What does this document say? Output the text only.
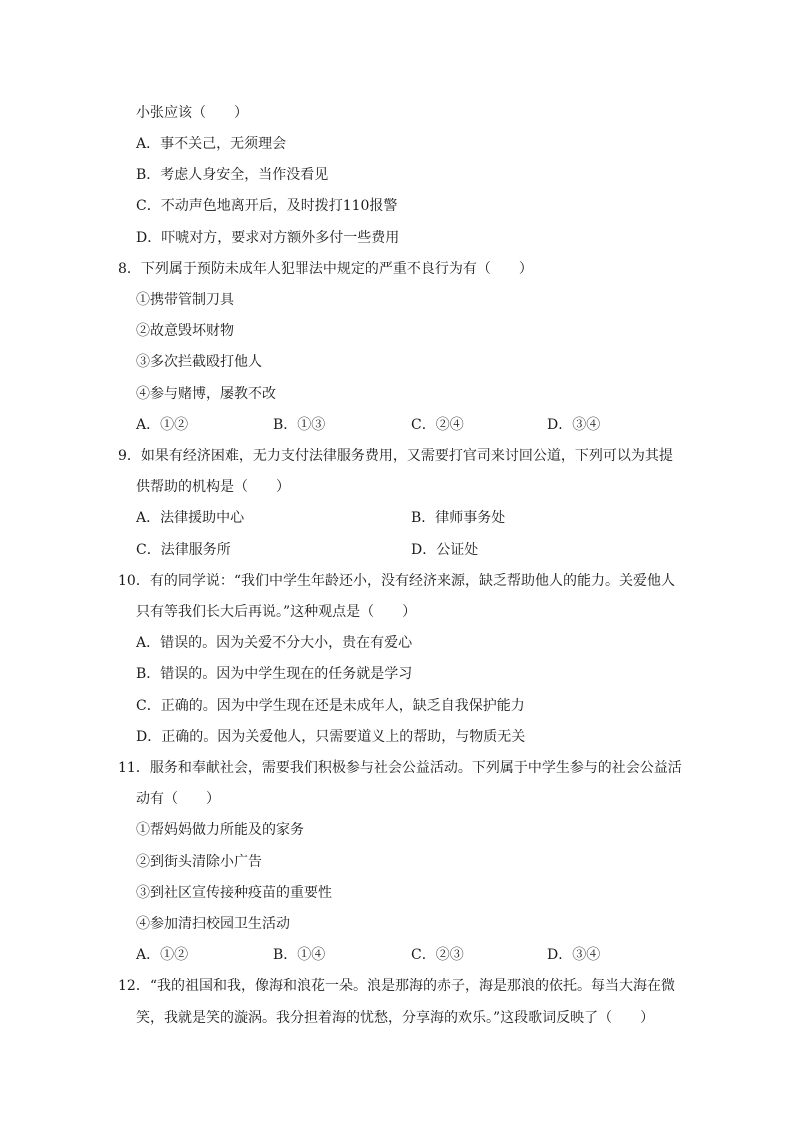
小张应该（　　）
A．事不关己，无须理会
B．考虑人身安全，当作没看见
C．不动声色地离开后，及时拨打110报警
D．吓唬对方，要求对方额外多付一些费用
8．下列属于预防未成年人犯罪法中规定的严重不良行为有（　　）
①携带管制刀具
②故意毁坏财物
③多次拦截殴打他人
④参与赌博，屡教不改
A．①②	B．①③	C．②④	D．③④
9．如果有经济困难，无力支付法律服务费用，又需要打官司来讨回公道，下列可以为其提
供帮助的机构是（　　）
A．法律援助中心	B．律师事务处
C．法律服务所	D．公证处
10．有的同学说：“我们中学生年龄还小，没有经济来源，缺乏帮助他人的能力。关爱他人
只有等我们长大后再说。”这种观点是（　　）
A．错误的。因为关爱不分大小，贵在有爱心
B．错误的。因为中学生现在的任务就是学习
C．正确的。因为中学生现在还是未成年人，缺乏自我保护能力
D．正确的。因为关爱他人，只需要道义上的帮助，与物质无关
11．服务和奉献社会，需要我们积极参与社会公益活动。下列属于中学生参与的社会公益活
动有（　　）
①帮妈妈做力所能及的家务
②到街头清除小广告
③到社区宣传接种疫苗的重要性
④参加清扫校园卫生活动
A．①②	B．①④	C．②③	D．③④
12．“我的祖国和我，像海和浪花一朵。浪是那海的赤子，海是那浪的依托。每当大海在微
笑，我就是笑的漩涡。我分担着海的忧愁，分享海的欢乐。”这段歌词反映了（　　）
